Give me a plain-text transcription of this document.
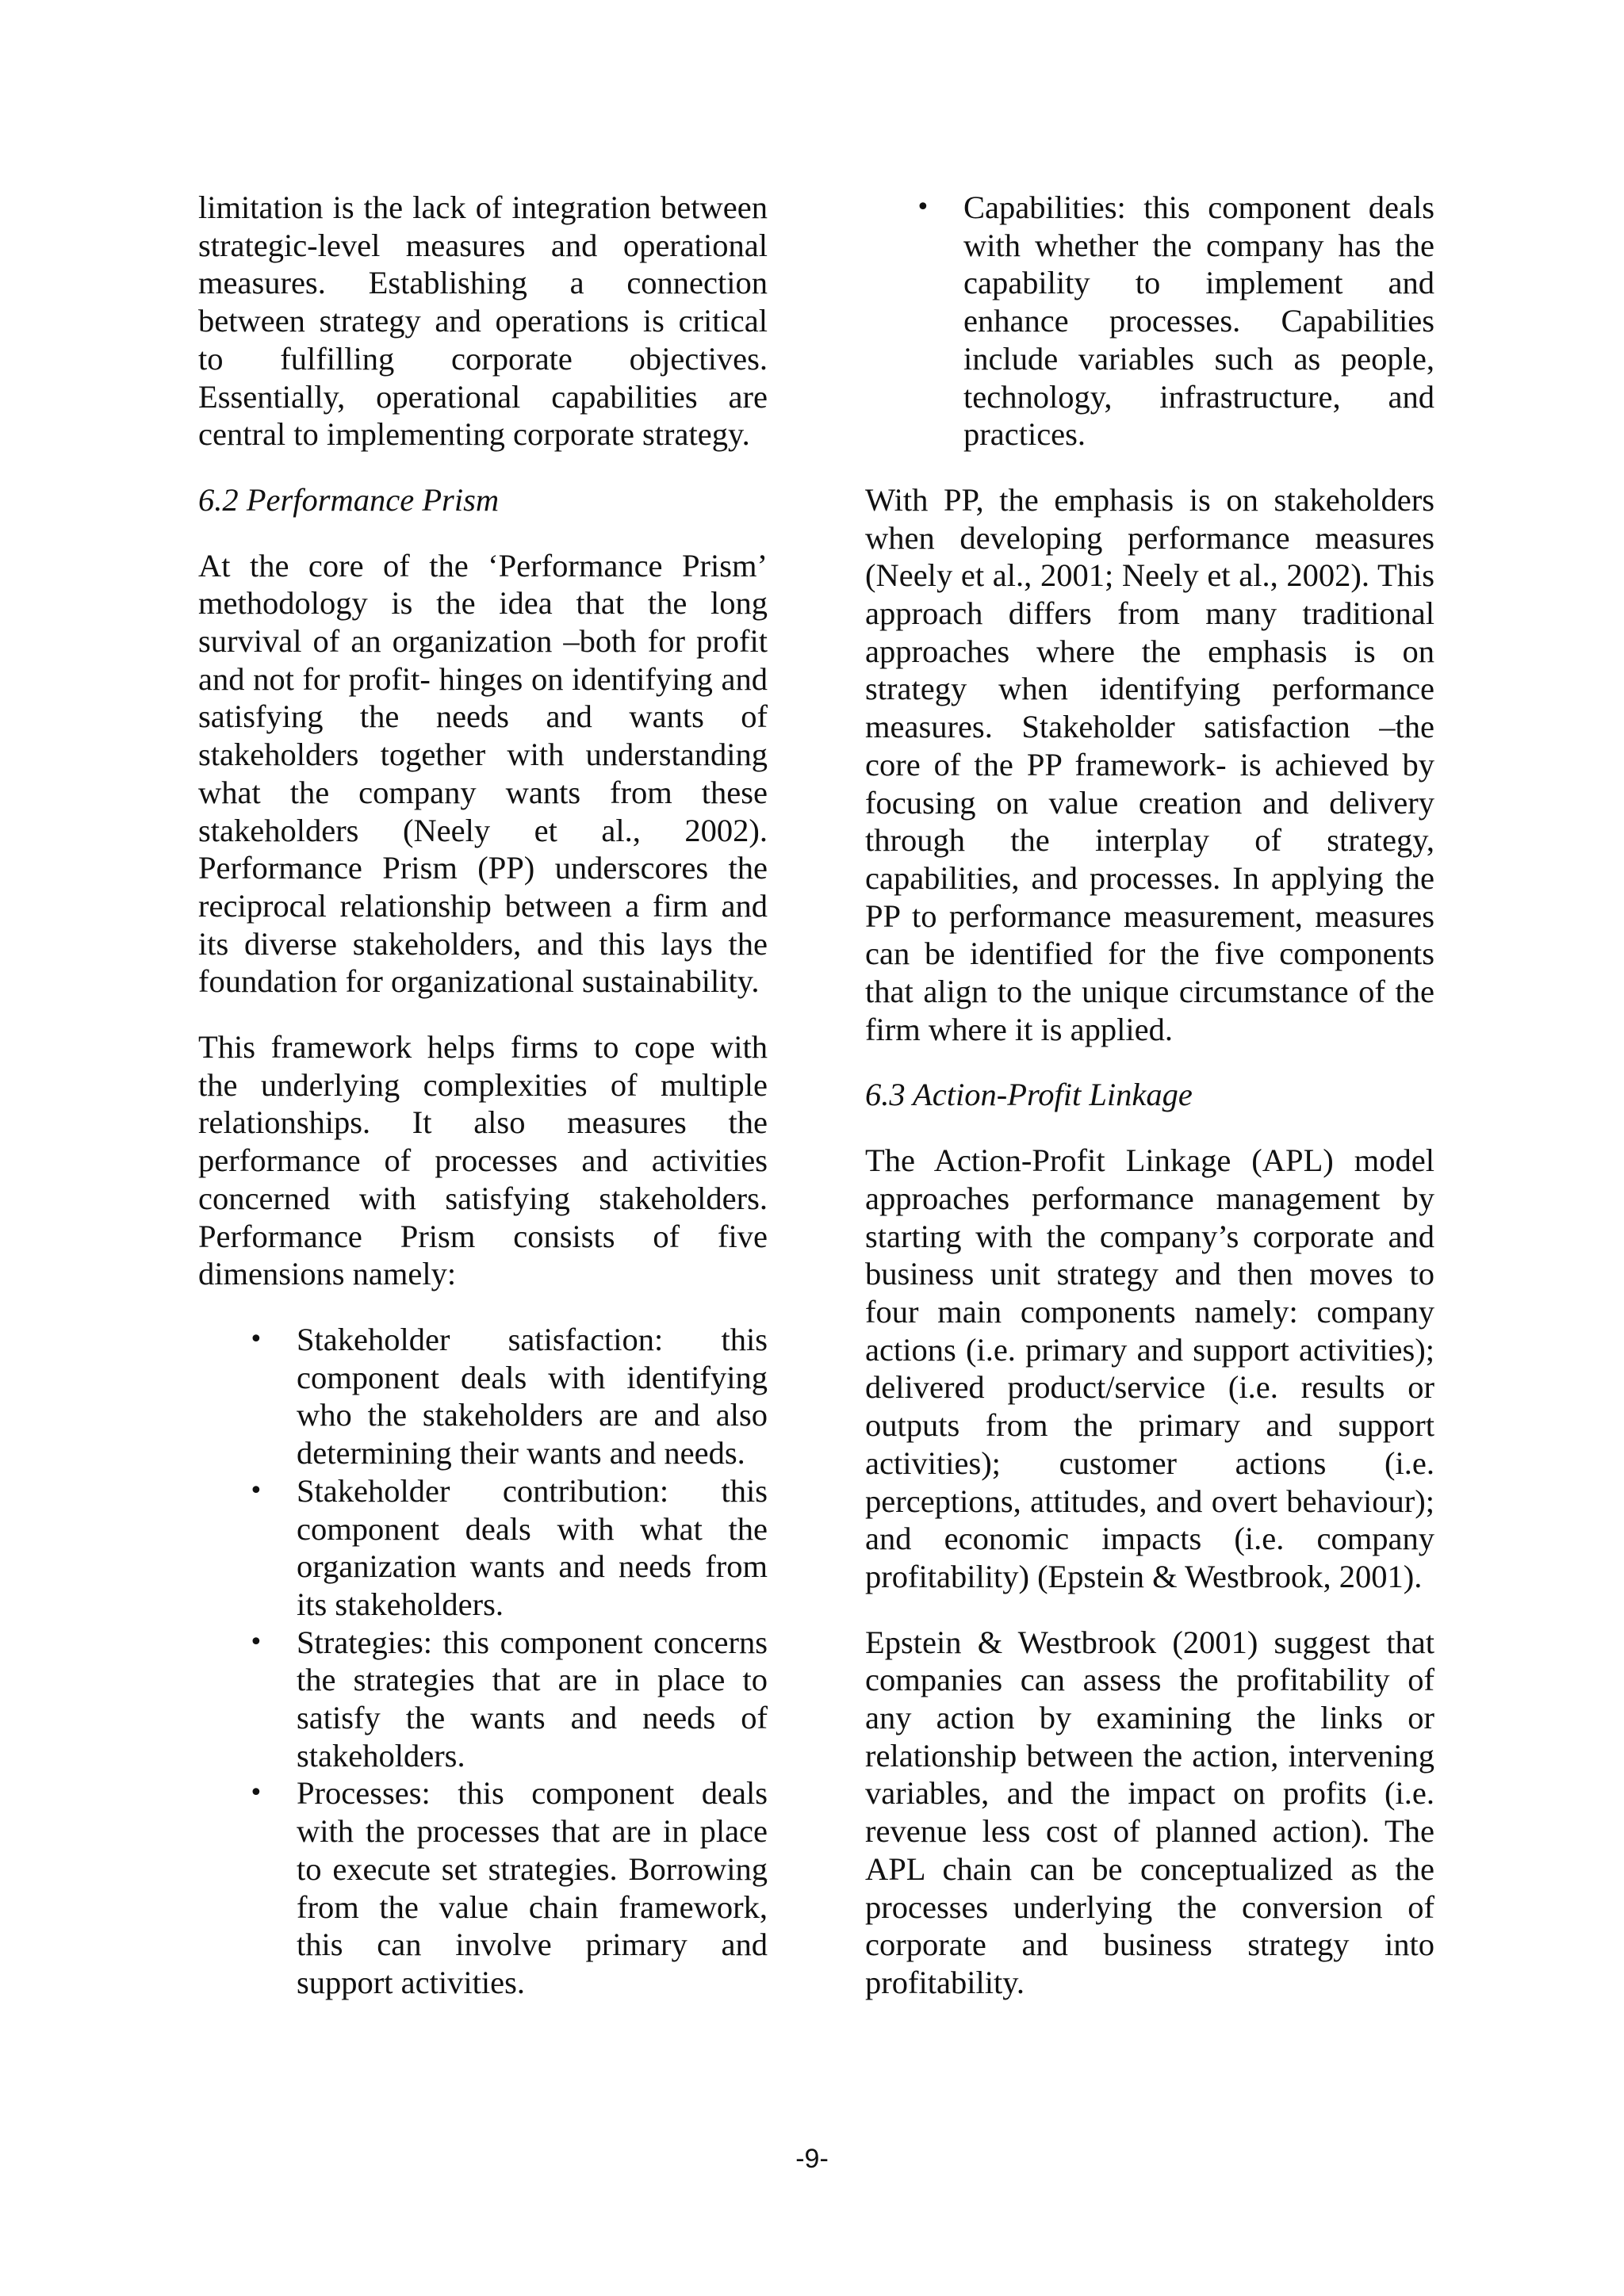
limitation is the lack of integration between strategic-level measures and operational measures. Establishing a connection between strategy and operations is critical to fulfilling corporate objectives. Essentially, operational capabilities are central to implementing corporate strategy.

6.2 Performance Prism

At the core of the ‘Performance Prism’ methodology is the idea that the long survival of an organization –both for profit and not for profit- hinges on identifying and satisfying the needs and wants of stakeholders together with understanding what the company wants from these stakeholders (Neely et al., 2002). Performance Prism (PP) underscores the reciprocal relationship between a firm and its diverse stakeholders, and this lays the foundation for organizational sustainability.

This framework helps firms to cope with the underlying complexities of multiple relationships. It also measures the performance of processes and activities concerned with satisfying stakeholders. Performance Prism consists of five dimensions namely:

• Stakeholder satisfaction: this component deals with identifying who the stakeholders are and also determining their wants and needs.
• Stakeholder contribution: this component deals with what the organization wants and needs from its stakeholders.
• Strategies: this component concerns the strategies that are in place to satisfy the wants and needs of stakeholders.
• Processes: this component deals with the processes that are in place to execute set strategies. Borrowing from the value chain framework, this can involve primary and support activities.
• Capabilities: this component deals with whether the company has the capability to implement and enhance processes. Capabilities include variables such as people, technology, infrastructure, and practices.

With PP, the emphasis is on stakeholders when developing performance measures (Neely et al., 2001; Neely et al., 2002). This approach differs from many traditional approaches where the emphasis is on strategy when identifying performance measures. Stakeholder satisfaction –the core of the PP framework- is achieved by focusing on value creation and delivery through the interplay of strategy, capabilities, and processes. In applying the PP to performance measurement, measures can be identified for the five components that align to the unique circumstance of the firm where it is applied.

6.3 Action-Profit Linkage

The Action-Profit Linkage (APL) model approaches performance management by starting with the company’s corporate and business unit strategy and then moves to four main components namely: company actions (i.e. primary and support activities); delivered product/service (i.e. results or outputs from the primary and support activities); customer actions (i.e. perceptions, attitudes, and overt behaviour); and economic impacts (i.e. company profitability) (Epstein & Westbrook, 2001).

Epstein & Westbrook (2001) suggest that companies can assess the profitability of any action by examining the links or relationship between the action, intervening variables, and the impact on profits (i.e. revenue less cost of planned action). The APL chain can be conceptualized as the processes underlying the conversion of corporate and business strategy into profitability.

-9-
